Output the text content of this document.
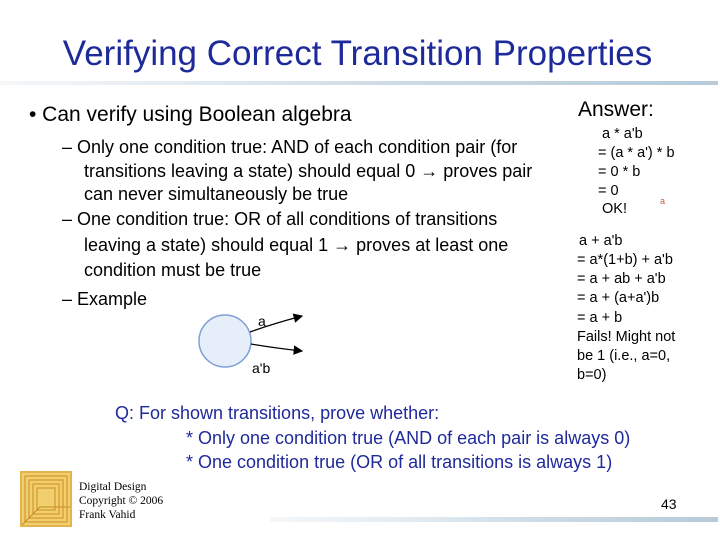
Verifying Correct Transition Properties
• Can verify using Boolean algebra
– Only one condition true: AND of each condition pair (for
transitions leaving a state) should equal 0 → proves pair
can never simultaneously be true
– One condition true: OR of all conditions of transitions
leaving a state) should equal 1 → proves at least one
condition must be true
– Example
a
a'b
Answer:
a * a'b
= (a * a') * b
= 0 * b
= 0
OK!	a
a + a'b
= a*(1+b) + a'b
= a + ab + a'b
= a + (a+a')b
= a + b
Fails! Might not
be 1 (i.e., a=0,
b=0)
Q: For shown transitions, prove whether:
* Only one condition true (AND of each pair is always 0)
* One condition true (OR of all transitions is always 1)
Digital Design
Copyright © 2006
Frank Vahid
43
